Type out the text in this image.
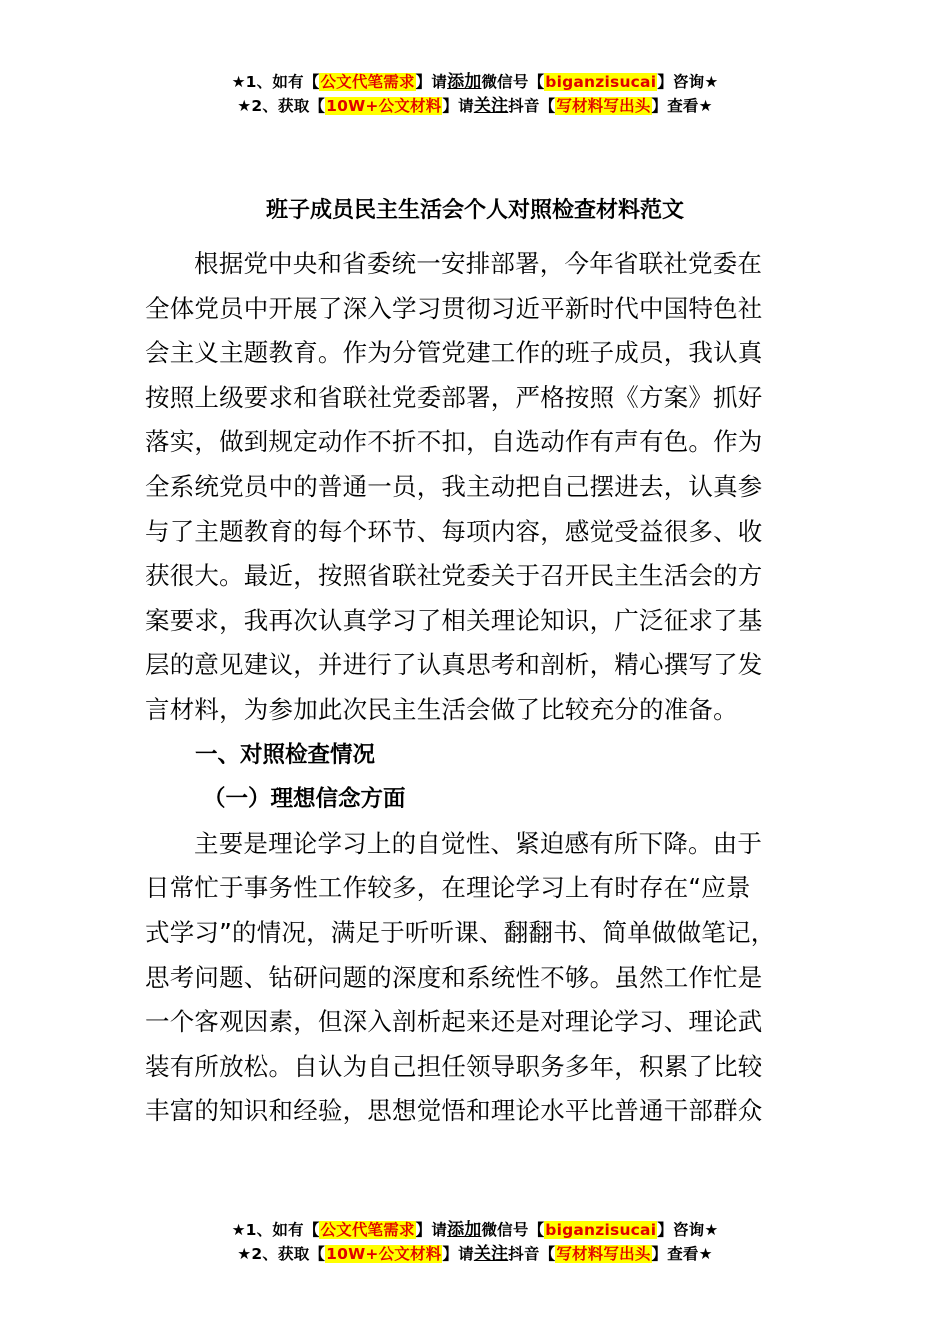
★1、如有【公文代笔需求】请添加微信号【biganzisucai】咨询★
★2、获取【10W+公文材料】请关注抖音【写材料写出头】查看★
班子成员民主生活会个人对照检查材料范文

根据党中央和省委统一安排部署，今年省联社党委在
全体党员中开展了深入学习贯彻习近平新时代中国特色社
会主义主题教育。作为分管党建工作的班子成员，我认真
按照上级要求和省联社党委部署，严格按照《方案》抓好
落实，做到规定动作不折不扣，自选动作有声有色。作为
全系统党员中的普通一员，我主动把自己摆进去，认真参
与了主题教育的每个环节、每项内容，感觉受益很多、收
获很大。最近，按照省联社党委关于召开民主生活会的方
案要求，我再次认真学习了相关理论知识，广泛征求了基
层的意见建议，并进行了认真思考和剖析，精心撰写了发
言材料，为参加此次民主生活会做了比较充分的准备。

一、对照检查情况

（一）理想信念方面

主要是理论学习上的自觉性、紧迫感有所下降。由于
日常忙于事务性工作较多，在理论学习上有时存在“应景
式学习”的情况，满足于听听课、翻翻书、简单做做笔记，
思考问题、钻研问题的深度和系统性不够。虽然工作忙是
一个客观因素，但深入剖析起来还是对理论学习、理论武
装有所放松。自认为自己担任领导职务多年，积累了比较
丰富的知识和经验，思想觉悟和理论水平比普通干部群众

★1、如有【公文代笔需求】请添加微信号【biganzisucai】咨询★
★2、获取【10W+公文材料】请关注抖音【写材料写出头】查看★
